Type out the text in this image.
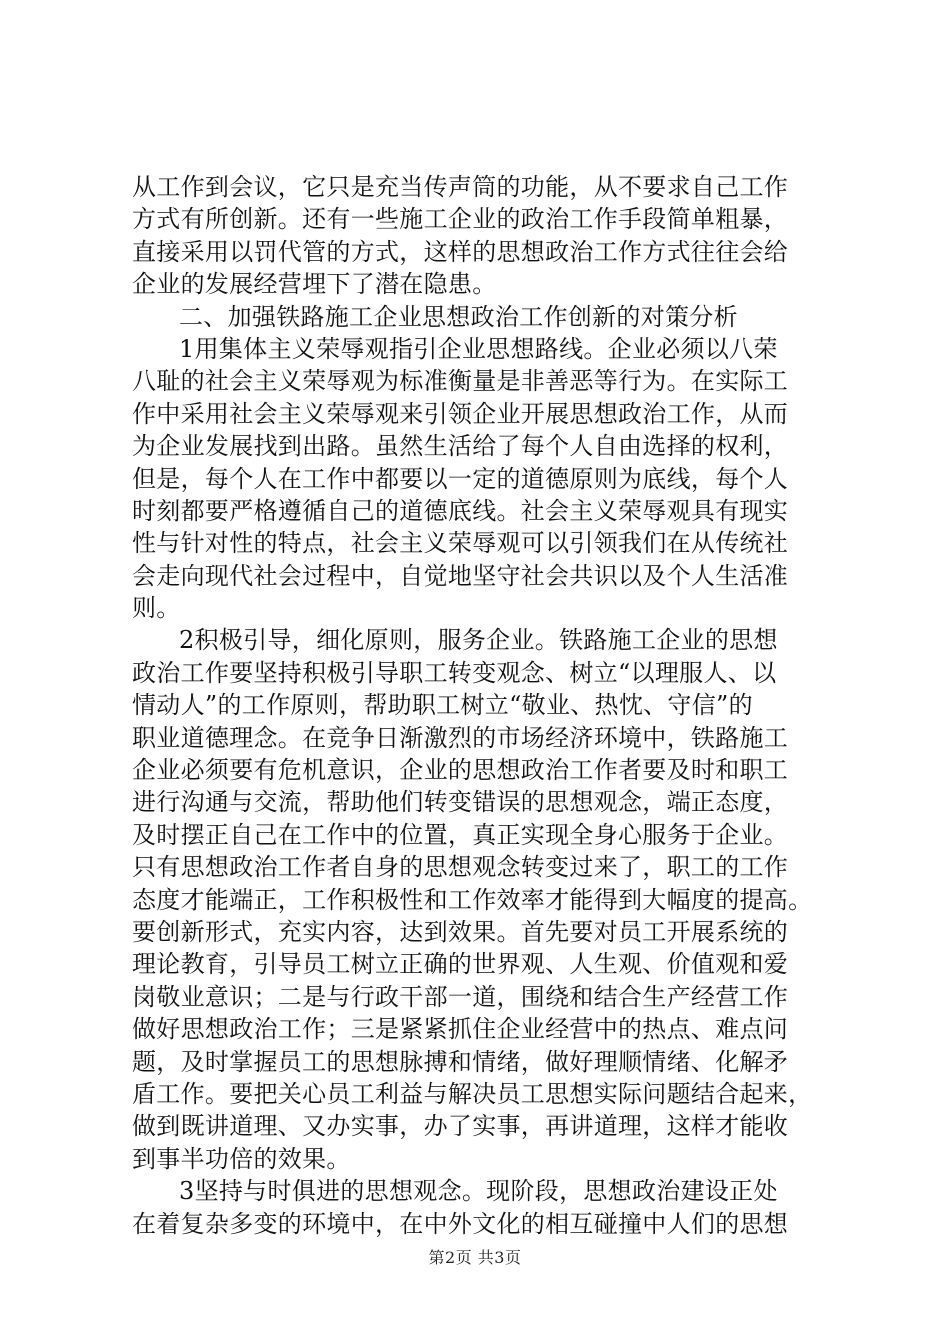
从工作到会议，它只是充当传声筒的功能，从不要求自己工作
方式有所创新。还有一些施工企业的政治工作手段简单粗暴，
直接采用以罚代管的方式，这样的思想政治工作方式往往会给
企业的发展经营埋下了潜在隐患。
二、加强铁路施工企业思想政治工作创新的对策分析
1用集体主义荣辱观指引企业思想路线。企业必须以八荣
八耻的社会主义荣辱观为标准衡量是非善恶等行为。在实际工
作中采用社会主义荣辱观来引领企业开展思想政治工作，从而
为企业发展找到出路。虽然生活给了每个人自由选择的权利，
但是，每个人在工作中都要以一定的道德原则为底线，每个人
时刻都要严格遵循自己的道德底线。社会主义荣辱观具有现实
性与针对性的特点，社会主义荣辱观可以引领我们在从传统社
会走向现代社会过程中，自觉地坚守社会共识以及个人生活准
则。
2积极引导，细化原则，服务企业。铁路施工企业的思想
政治工作要坚持积极引导职工转变观念、树立“以理服人、以
情动人”的工作原则，帮助职工树立“敬业、热忱、守信”的
职业道德理念。在竞争日渐激烈的市场经济环境中，铁路施工
企业必须要有危机意识，企业的思想政治工作者要及时和职工
进行沟通与交流，帮助他们转变错误的思想观念，端正态度，
及时摆正自己在工作中的位置，真正实现全身心服务于企业。
只有思想政治工作者自身的思想观念转变过来了，职工的工作
态度才能端正，工作积极性和工作效率才能得到大幅度的提高。
要创新形式，充实内容，达到效果。首先要对员工开展系统的
理论教育，引导员工树立正确的世界观、人生观、价值观和爱
岗敬业意识；二是与行政干部一道，围绕和结合生产经营工作
做好思想政治工作；三是紧紧抓住企业经营中的热点、难点问
题，及时掌握员工的思想脉搏和情绪，做好理顺情绪、化解矛
盾工作。要把关心员工利益与解决员工思想实际问题结合起来，
做到既讲道理、又办实事，办了实事，再讲道理，这样才能收
到事半功倍的效果。
3坚持与时俱进的思想观念。现阶段，思想政治建设正处
在着复杂多变的环境中，在中外文化的相互碰撞中人们的思想
第2页 共3页
